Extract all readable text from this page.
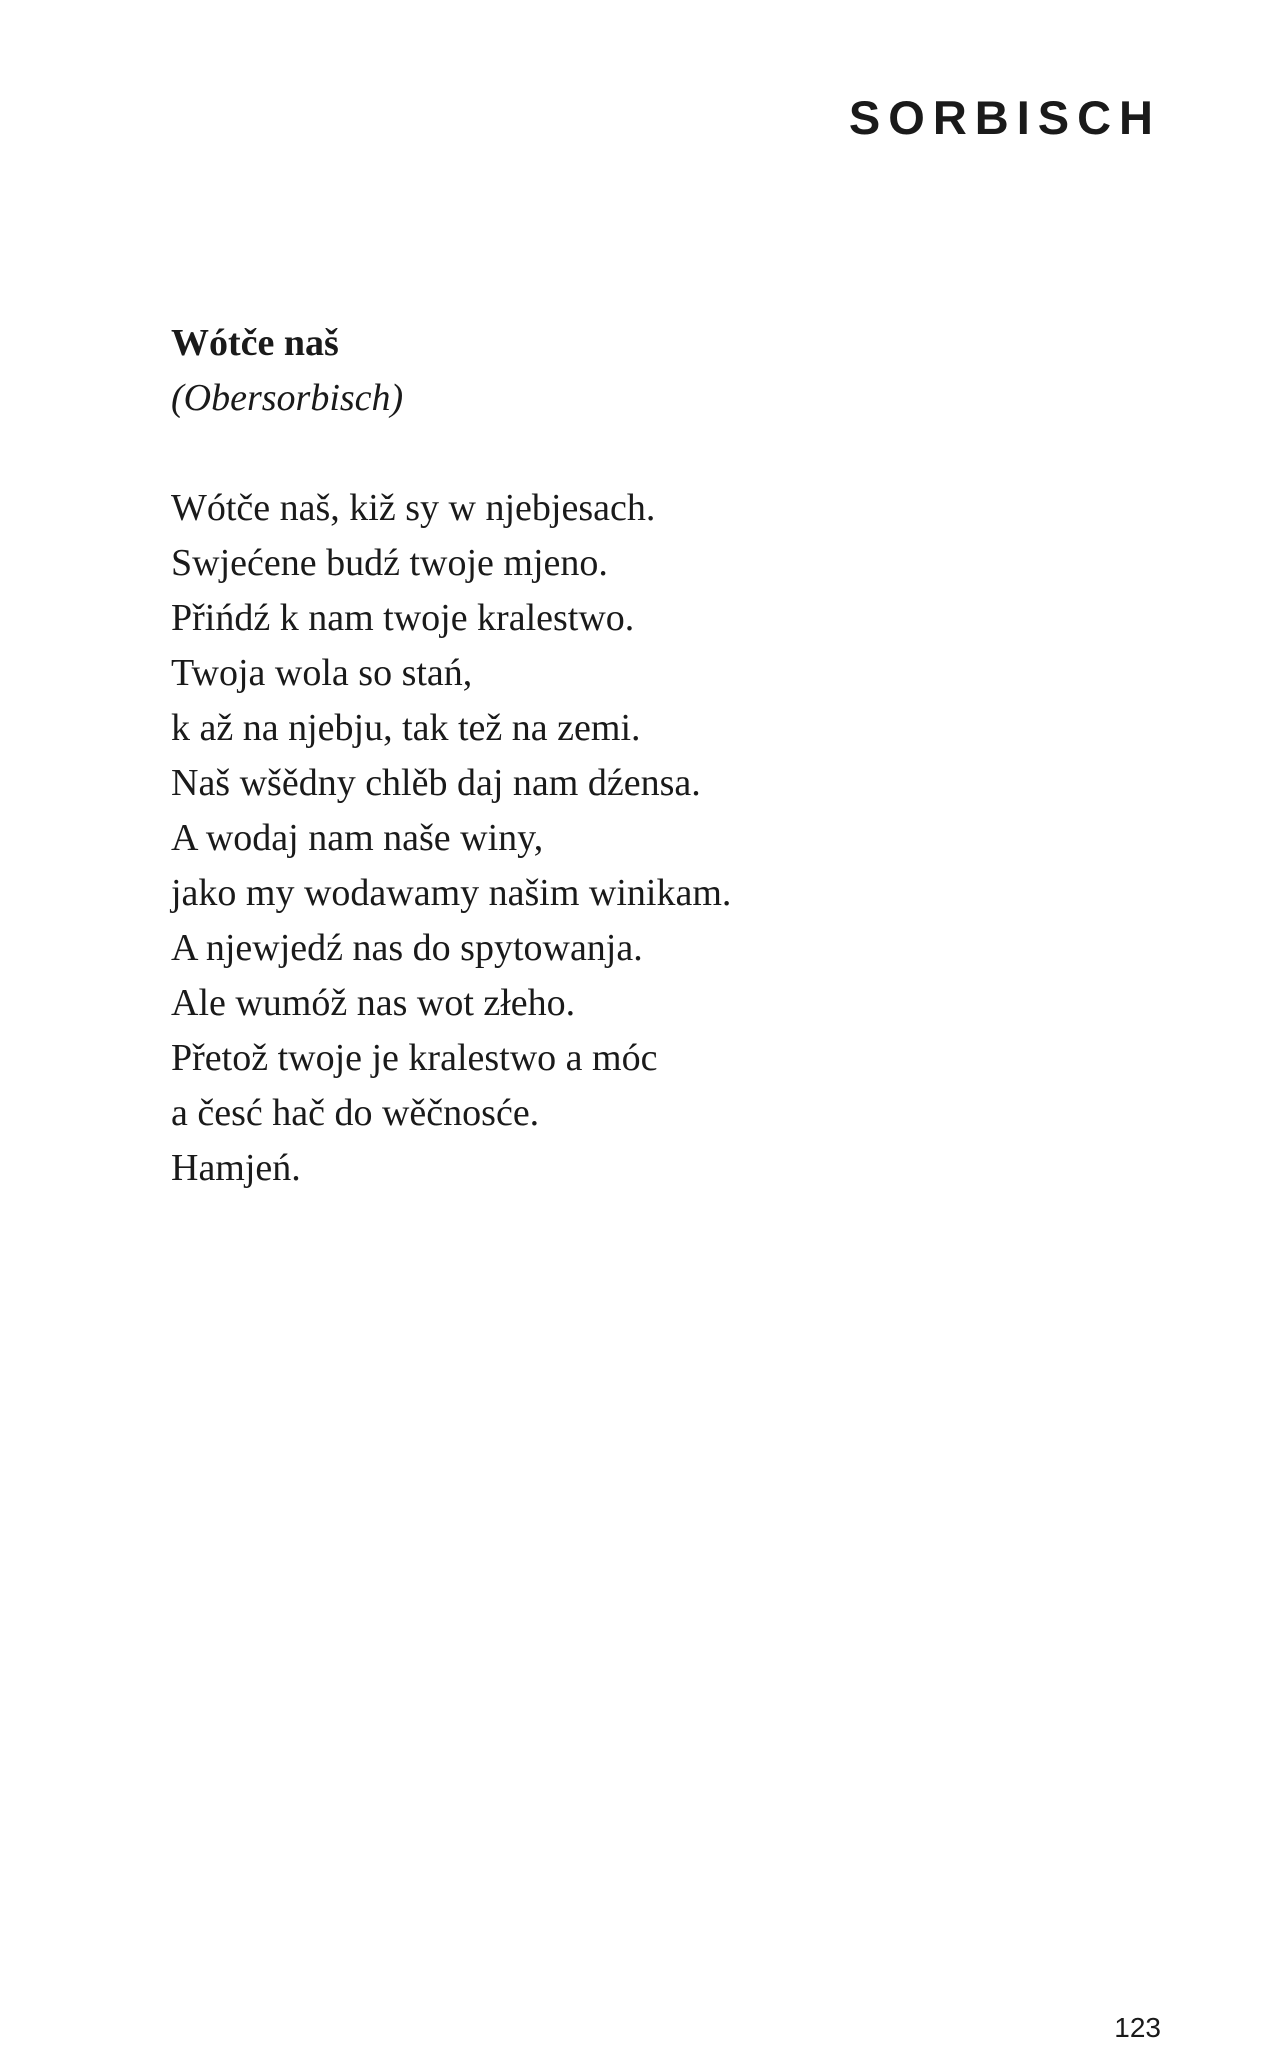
SORBISCH
Wótče naš

(Obersorbisch)

Wótče naš, kiž sy w njebjesach.
Swjećene budź twoje mjeno.
Přińdź k nam twoje kralestwo.
Twoja wola so stań,
k až na njebju, tak tež na zemi.
Naš wšědny chlěb daj nam dźensa.
A wodaj nam naše winy,
jako my wodawamy našim winikam.
A njewjedź nas do spytowanja.
Ale wumóž nas wot złeho.
Přetož twoje je kralestwo a móc
a česć hač do wěčnosće.
Hamjeń.
123
